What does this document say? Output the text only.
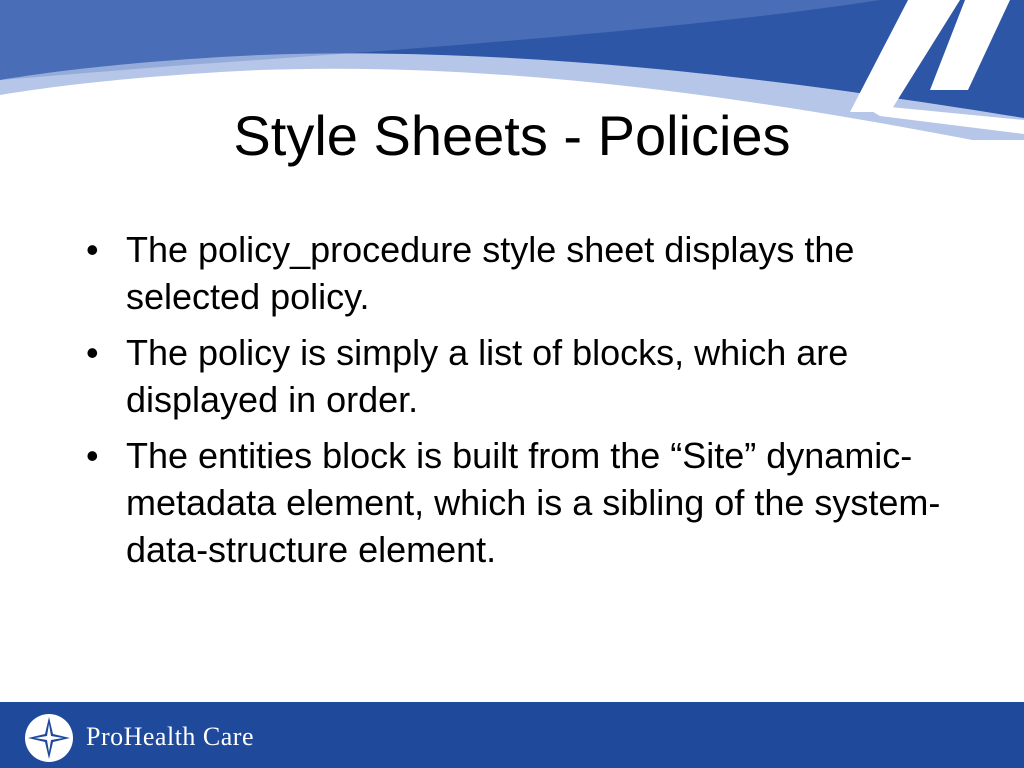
Style Sheets - Policies
• The policy_procedure style sheet displays the selected policy.
• The policy is simply a list of blocks, which are displayed in order.
• The entities block is built from the “Site” dynamic-metadata element, which is a sibling of the system-data-structure element.
ProHealth Care
